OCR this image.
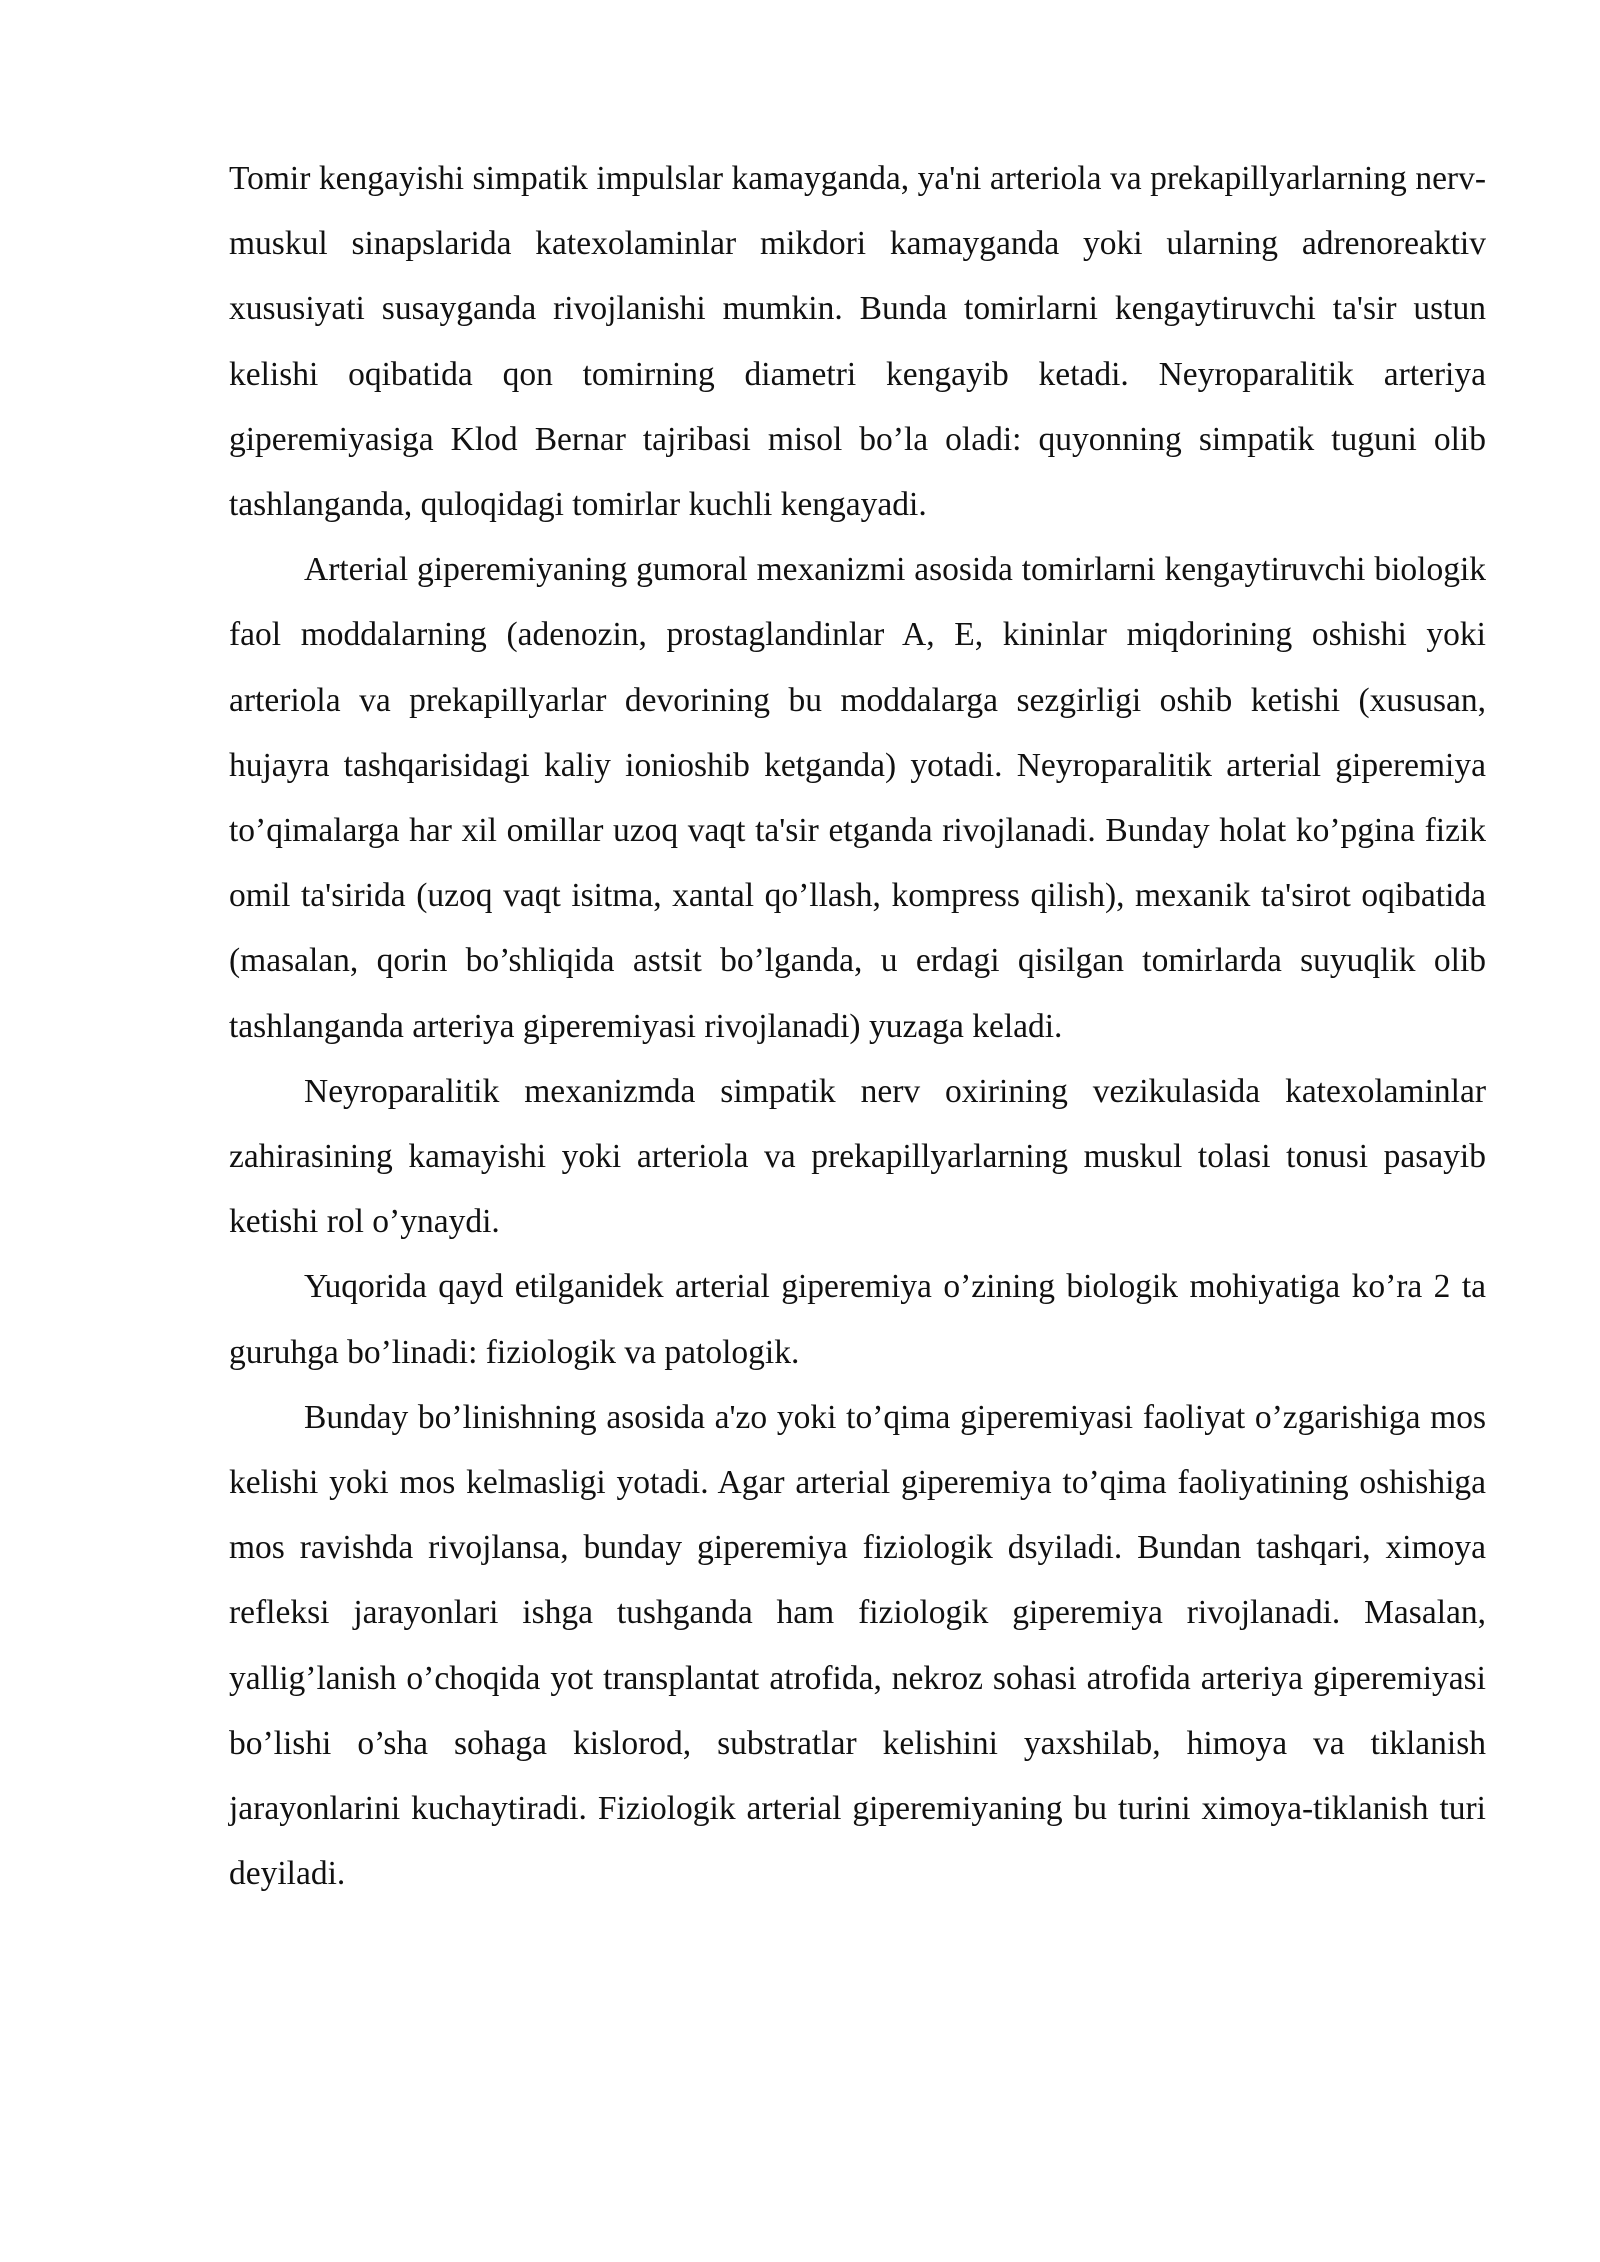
Tomir kengayishi simpatik impulslar kamayganda, ya'ni arteriola va prekapillyarlarning nerv-muskul sinapslarida katexolaminlar mikdori kamayganda yoki ularning adrenoreaktiv xususiyati susayganda rivojlanishi mumkin. Bunda tomirlarni kengaytiruvchi ta'sir ustun kelishi oqibatida qon tomirning diametri kengayib ketadi. Neyroparalitik arteriya giperemiyasiga Klod Bernar tajribasi misol bo’la oladi: quyonning simpatik tuguni olib tashlanganda, quloqidagi tomirlar kuchli kengayadi.

Arterial giperemiyaning gumoral mexanizmi asosida tomirlarni kengaytiruvchi biologik faol moddalarning (adenozin, prostaglandinlar A, E, kininlar miqdorining oshishi yoki arteriola va prekapillyarlar devorining bu moddalarga sezgirligi oshib ketishi (xususan, hujayra tashqarisidagi kaliy ionioshib ketganda) yotadi. Neyroparalitik arterial giperemiya to’qimalarga har xil omillar uzoq vaqt ta'sir etganda rivojlanadi. Bunday holat ko’pgina fizik omil ta'sirida (uzoq vaqt isitma, xantal qo’llash, kompress qilish), mexanik ta'sirot oqibatida (masalan, qorin bo’shliqida astsit bo’lganda, u erdagi qisilgan tomirlarda suyuqlik olib tashlanganda arteriya giperemiyasi rivojlanadi) yuzaga keladi.

Neyroparalitik mexanizmda simpatik nerv oxirining vezikulasida katexolaminlar zahirasining kamayishi yoki arteriola va prekapillyarlarning muskul tolasi tonusi pasayib ketishi rol o’ynaydi.

Yuqorida qayd etilganidek arterial giperemiya o’zining biologik mohiyatiga ko’ra 2 ta guruhga bo’linadi: fiziologik va patologik.

Bunday bo’linishning asosida a'zo yoki to’qima giperemiyasi faoliyat o’zgarishiga mos kelishi yoki mos kelmasligi yotadi. Agar arterial giperemiya to’qima faoliyatining oshishiga mos ravishda rivojlansa, bunday giperemiya fiziologik dsyiladi. Bundan tashqari, ximoya refleksi jarayonlari ishga tushganda ham fiziologik giperemiya rivojlanadi. Masalan, yallig’lanish o’choqida yot transplantat atrofida, nekroz sohasi atrofida arteriya giperemiyasi bo’lishi o’sha sohaga kislorod, substratlar kelishini yaxshilab, himoya va tiklanish jarayonlarini kuchaytiradi. Fiziologik arterial giperemiyaning bu turini ximoya-tiklanish turi deyiladi.
